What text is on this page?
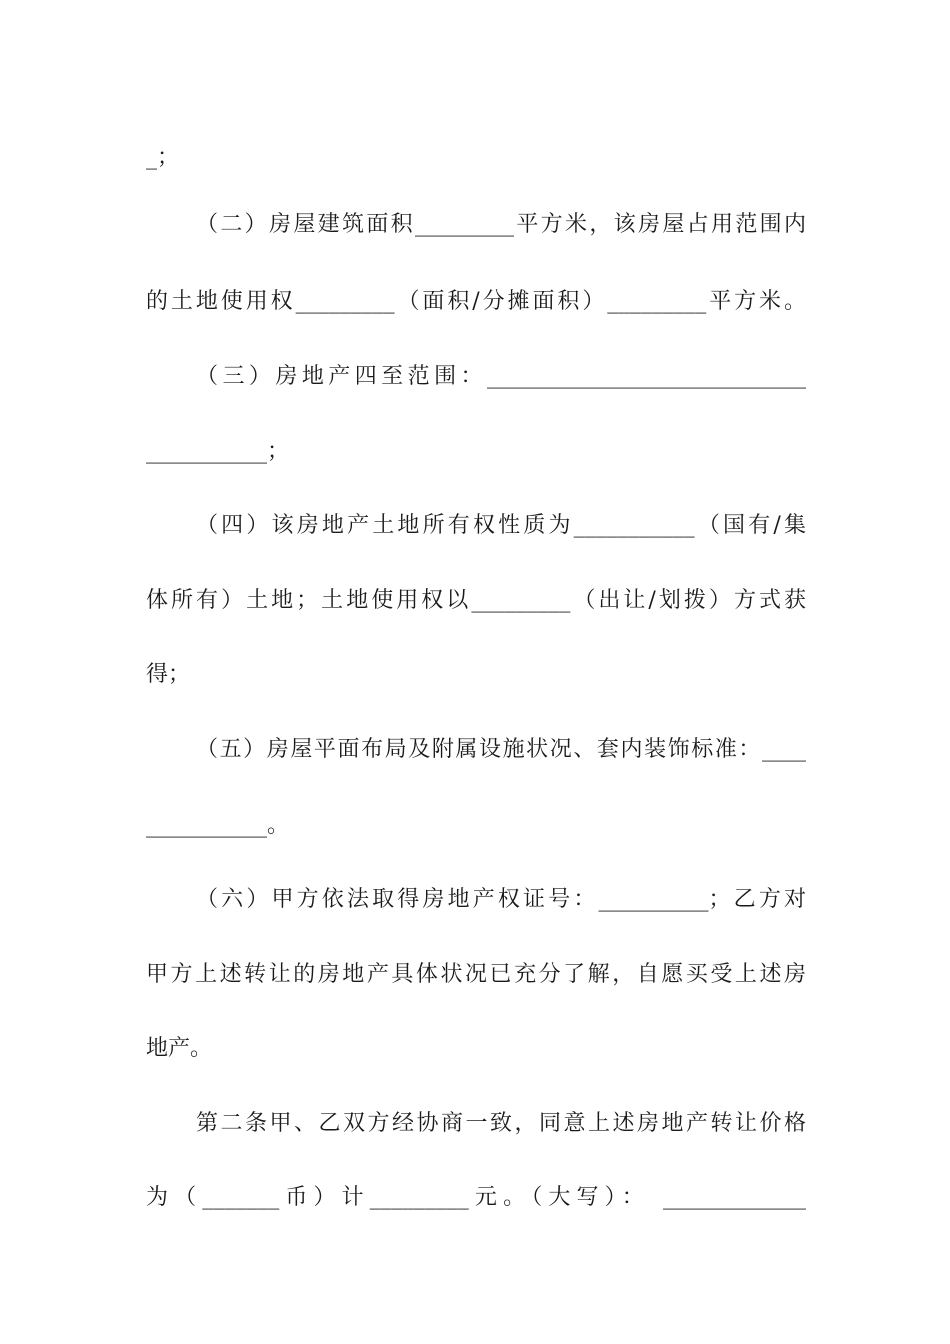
_；
（二）房屋建筑面积_________平方米，该房屋占用范围内
的土地使用权_________（面积/分摊面积）_________平方米。
（三）房地产四至范围：_____________________________
___________；
（四）该房地产土地所有权性质为___________（国有/集
体所有）土地；土地使用权以_________（出让/划拨）方式获
得；
（五）房屋平面布局及附属设施状况、套内装饰标准：____
___________。
（六）甲方依法取得房地产权证号：__________；乙方对
甲方上述转让的房地产具体状况已充分了解，自愿买受上述房
地产。
第二条甲、乙双方经协商一致，同意上述房地产转让价格
为（_______币）计_________元。（大写）： _____________
